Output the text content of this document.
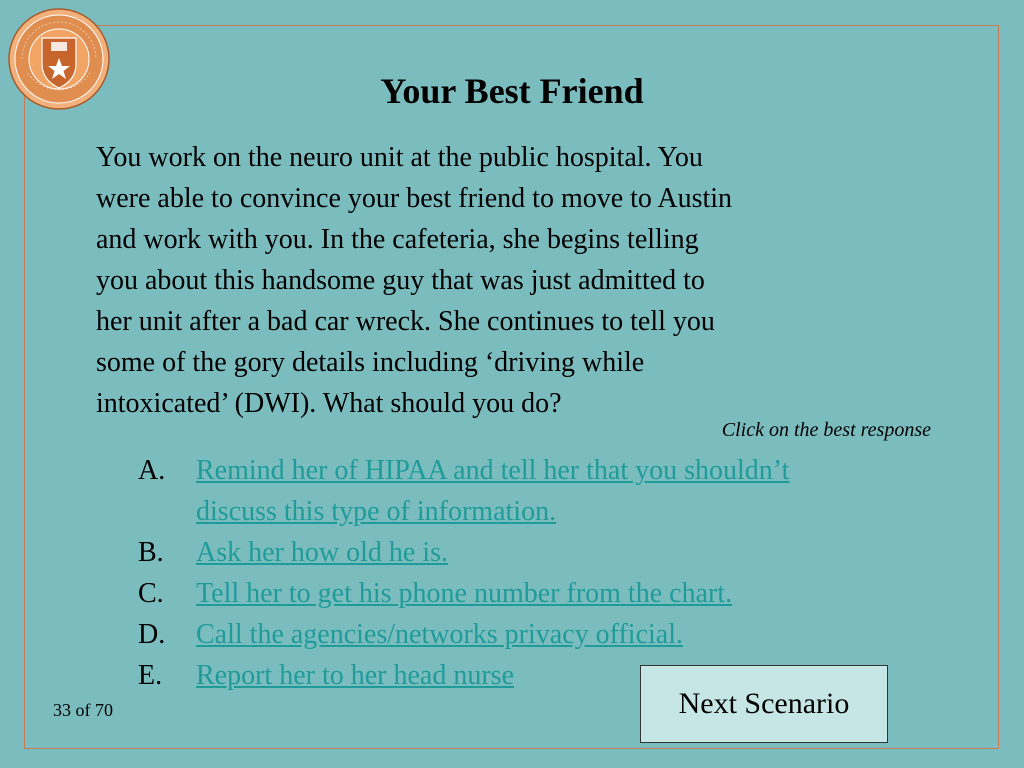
Your Best Friend
You work on the neuro unit at the public hospital. You
were able to convince your best friend to move to Austin
and work with you. In the cafeteria, she begins telling
you about this handsome guy that was just admitted to
her unit after a bad car wreck. She continues to tell you
some of the gory details including ‘driving while
intoxicated’ (DWI). What should you do?
Click on the best response
A.	Remind her of HIPAA and tell her that you shouldn’t discuss this type of information.
B.	Ask her how old he is.
C.	Tell her to get his phone number from the chart.
D.	Call the agencies/networks privacy official.
E.	Report her to her head nurse
Next Scenario
33 of 70
